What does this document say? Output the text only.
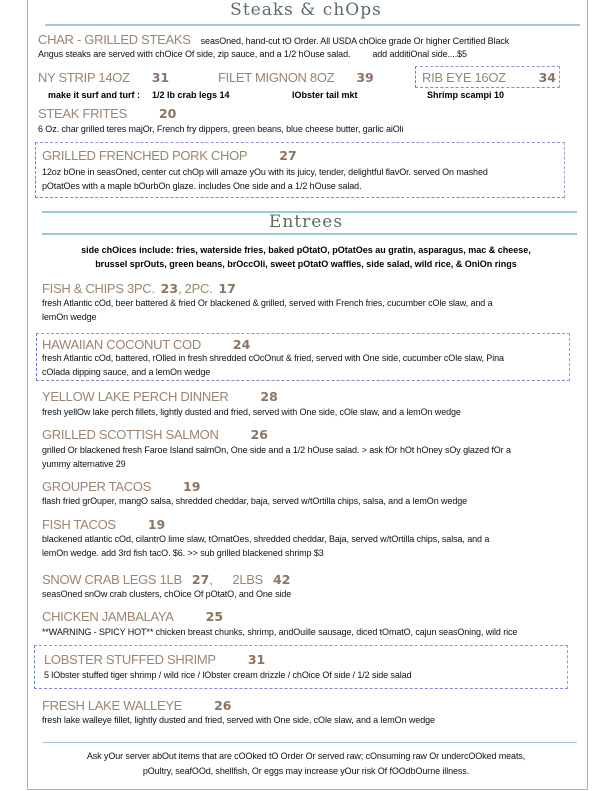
Steaks & chOps
CHAR - GRILLED STEAKS seasOned, hand-cut tO Order. All USDA chOice grade Or higher Certified Black
Angus steaks are served with chOice Of side, zip sauce, and a 1/2 hOuse salad. add additiOnal side....$5
NY STRIP 14OZ 31	FILET MIGNON 8OZ 39	RIB EYE 16OZ	34
make it surf and turf : 1/2 lb crab legs 14	lObster tail mkt	Shrimp scampi 10
STEAK FRITES	20
6 Oz. char grilled teres majOr, French fry dippers, green beans, blue cheese butter, garlic aiOli
GRILLED FRENCHED PORK CHOP	27
12oz bOne in seasOned, center cut chOp will amaze yOu with its juicy, tender, delightful flavOr. served On mashed
pOtatOes with a maple bOurbOn glaze. includes One side and a 1/2 hOuse salad.
Entrees
side chOices include: fries, waterside fries, baked pOtatO, pOtatOes au gratin, asparagus, mac & cheese,
brussel sprOuts, green beans, brOccOli, sweet pOtatO waffles, side salad, wild rice, & OniOn rings
FISH & CHIPS 3PC. 23 , 2PC. 17
fresh Atlantic cOd, beer battered & fried Or blackened & grilled, served with French fries, cucumber cOle slaw, and a
lemOn wedge
HAWAIIAN COCONUT COD	24
fresh Atlantic cOd, battered, rOlled in fresh shredded cOcOnut & fried, served with One side, cucumber cOle slaw, Pina
cOlada dipping sauce, and a lemOn wedge
YELLOW LAKE PERCH DINNER	28
fresh yellOw lake perch fillets, lightly dusted and fried, served with One side, cOle slaw, and a lemOn wedge
GRILLED SCOTTISH SALMON	26
grilled Or blackened fresh Faroe Island salmOn, One side and a 1/2 hOuse salad. > ask fOr hOt hOney sOy glazed fOr a
yummy alternative 29
GROUPER TACOS	19
flash fried grOuper, mangO salsa, shredded cheddar, baja, served w/tOrtilla chips, salsa, and a lemOn wedge
FISH TACOS	19
blackened atlantic cOd, cilantrO lime slaw, tOmatOes, shredded cheddar, Baja, served w/tOrtilla chips, salsa, and a
lemOn wedge. add 3rd fish tacO. $6. >> sub grilled blackened shrimp $3
SNOW CRAB LEGS 1LB 27 ,      2LBS 42
seasOned snOw crab clusters, chOice Of pOtatO, and One side
CHICKEN JAMBALAYA	25
**WARNING - SPICY HOT** chicken breast chunks, shrimp, andOuille sausage, diced tOmatO, cajun seasOning, wild rice
LOBSTER STUFFED SHRIMP	31
5 lObster stuffed tiger shrimp / wild rice / lObster cream drizzle / chOice Of side / 1/2 side salad
FRESH LAKE WALLEYE	26
fresh lake walleye fillet, lightly dusted and fried, served with One side, cOle slaw, and a lemOn wedge
Ask yOur server abOut items that are cOOked tO Order Or served raw; cOnsuming raw Or undercOOked meats,
pOultry, seafOOd, shellfish, Or eggs may increase yOur risk Of fOOdbOurne illness.
